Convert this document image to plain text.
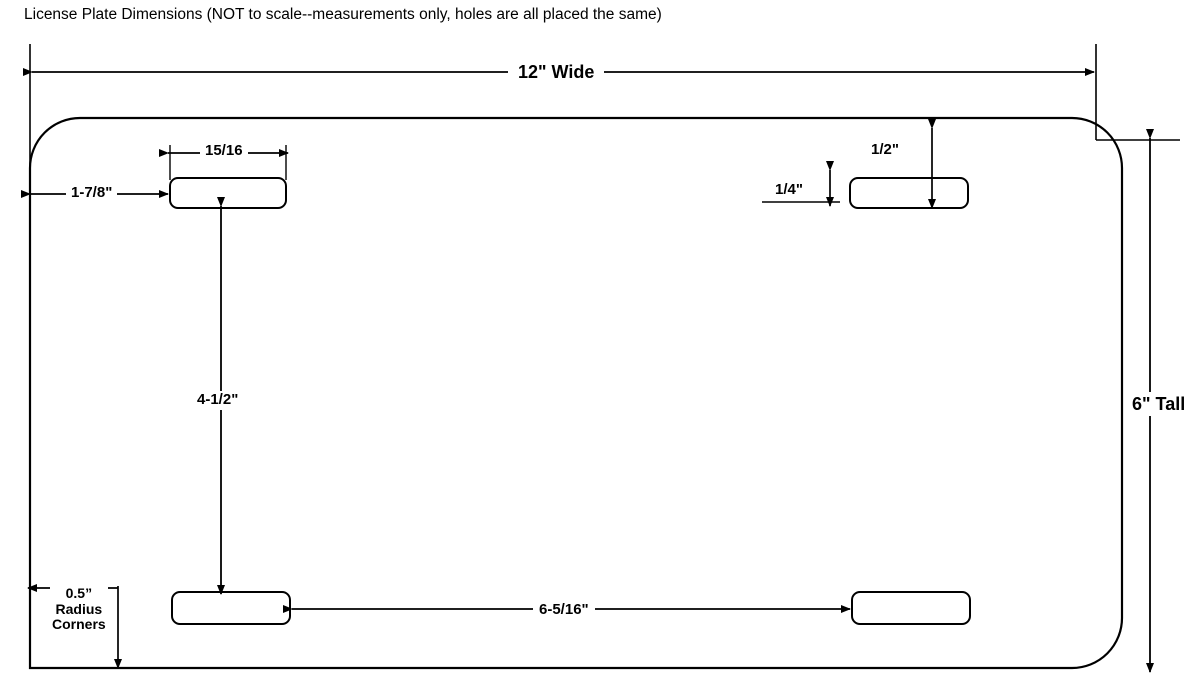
License Plate Dimensions (NOT to scale--measurements only, holes are all placed the same)
12" Wide
6" Tall
15/16
1-7/8"
1/2"
1/4"
4-1/2"
6-5/16"
0.5”
Radius
Corners
